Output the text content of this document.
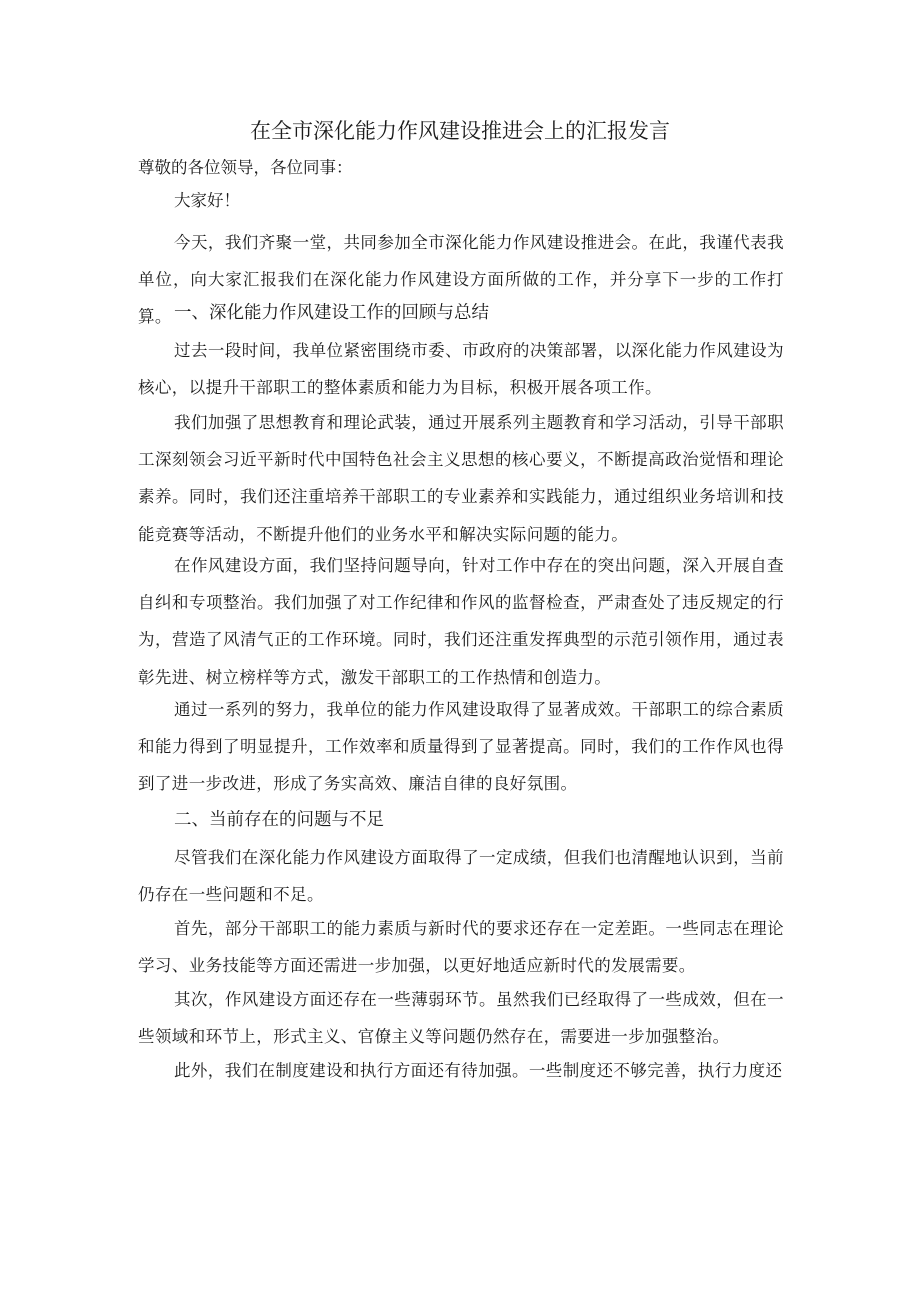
在全市深化能力作风建设推进会上的汇报发言
尊敬的各位领导，各位同事：
大家好！

今天，我们齐聚一堂，共同参加全市深化能力作风建设推进会。在此，我谨代表我单位，向大家汇报我们在深化能力作风建设方面所做的工作，并分享下一步的工作打算。 一、深化能力作风建设工作的回顾与总结

过去一段时间，我单位紧密围绕市委、市政府的决策部署，以深化能力作风建设为核心，以提升干部职工的整体素质和能力为目标，积极开展各项工作。

我们加强了思想教育和理论武装，通过开展系列主题教育和学习活动，引导干部职工深刻领会习近平新时代中国特色社会主义思想的核心要义，不断提高政治觉悟和理论素养。同时，我们还注重培养干部职工的专业素养和实践能力，通过组织业务培训和技能竞赛等活动，不断提升他们的业务水平和解决实际问题的能力。

在作风建设方面，我们坚持问题导向，针对工作中存在的突出问题，深入开展自查自纠和专项整治。我们加强了对工作纪律和作风的监督检查，严肃查处了违反规定的行为，营造了风清气正的工作环境。同时，我们还注重发挥典型的示范引领作用，通过表彰先进、树立榜样等方式，激发干部职工的工作热情和创造力。

通过一系列的努力，我单位的能力作风建设取得了显著成效。干部职工的综合素质和能力得到了明显提升，工作效率和质量得到了显著提高。同时，我们的工作作风也得到了进一步改进，形成了务实高效、廉洁自律的良好氛围。

二、当前存在的问题与不足

尽管我们在深化能力作风建设方面取得了一定成绩，但我们也清醒地认识到，当前仍存在一些问题和不足。

首先，部分干部职工的能力素质与新时代的要求还存在一定差距。一些同志在理论学习、业务技能等方面还需进一步加强，以更好地适应新时代的发展需要。

其次，作风建设方面还存在一些薄弱环节。虽然我们已经取得了一些成效，但在一些领域和环节上，形式主义、官僚主义等问题仍然存在，需要进一步加强整治。

此外，我们在制度建设和执行方面还有待加强。一些制度还不够完善，执行力度还
